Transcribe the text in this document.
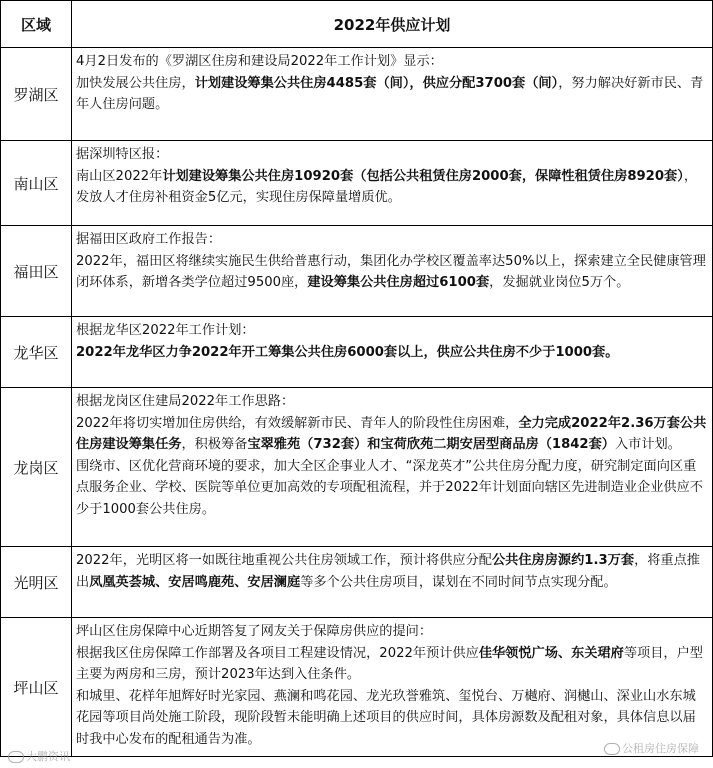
区域	2022年供应计划
罗湖区	4月2日发布的《罗湖区住房和建设局2022年工作计划》显示：
加快发展公共住房，计划建设筹集公共住房4485套（间），供应分配3700套（间），努力解决好新市民、青年人住房问题。

南山区	据深圳特区报：
南山区2022年计划建设筹集公共住房10920套（包括公共租赁住房2000套，保障性租赁住房8920套），发放人才住房补租资金5亿元，实现住房保障量增质优。

福田区	据福田区政府工作报告：
2022年，福田区将继续实施民生供给普惠行动，集团化办学校区覆盖率达50%以上，探索建立全民健康管理闭环体系，新增各类学位超过9500座，建设筹集公共住房超过6100套，发掘就业岗位5万个。

龙华区	根据龙华区2022年工作计划：
2022年龙华区力争2022年开工筹集公共住房6000套以上，供应公共住房不少于1000套。

龙岗区	根据龙岗区住建局2022年工作思路：
2022年将切实增加住房供给，有效缓解新市民、青年人的阶段性住房困难，全力完成2022年2.36万套公共住房建设筹集任务，积极筹备宝翠雅苑（732套）和宝荷欣苑二期安居型商品房（1842套）入市计划。
围绕市、区优化营商环境的要求，加大全区企事业人才、“深龙英才”公共住房分配力度，研究制定面向区重点服务企业、学校、医院等单位更加高效的专项配租流程，并于2022年计划面向辖区先进制造业企业供应不少于1000套公共住房。

光明区	2022年，光明区将一如既往地重视公共住房领域工作，预计将供应分配公共住房房源约1.3万套，将重点推出凤凰英荟城、安居鸣鹿苑、安居澜庭等多个公共住房项目，谋划在不同时间节点实现分配。

坪山区	坪山区住房保障中心近期答复了网友关于保障房供应的提问：
根据我区住房保障工作部署及各项目工程建设情况，2022年预计供应佳华领悦广场、东关珺府等项目，户型主要为两房和三房，预计2023年达到入住条件。
和城里、花样年旭辉好时光家园、燕澜和鸣花园、龙光玖誉雅筑、玺悦台、万樾府、润樾山、深业山水东城花园等项目尚处施工阶段，现阶段暂未能明确上述项目的供应时间，具体房源数及配租对象，具体信息以届时我中心发布的配租通告为准。
大鹏资讯
公租房住房保障
